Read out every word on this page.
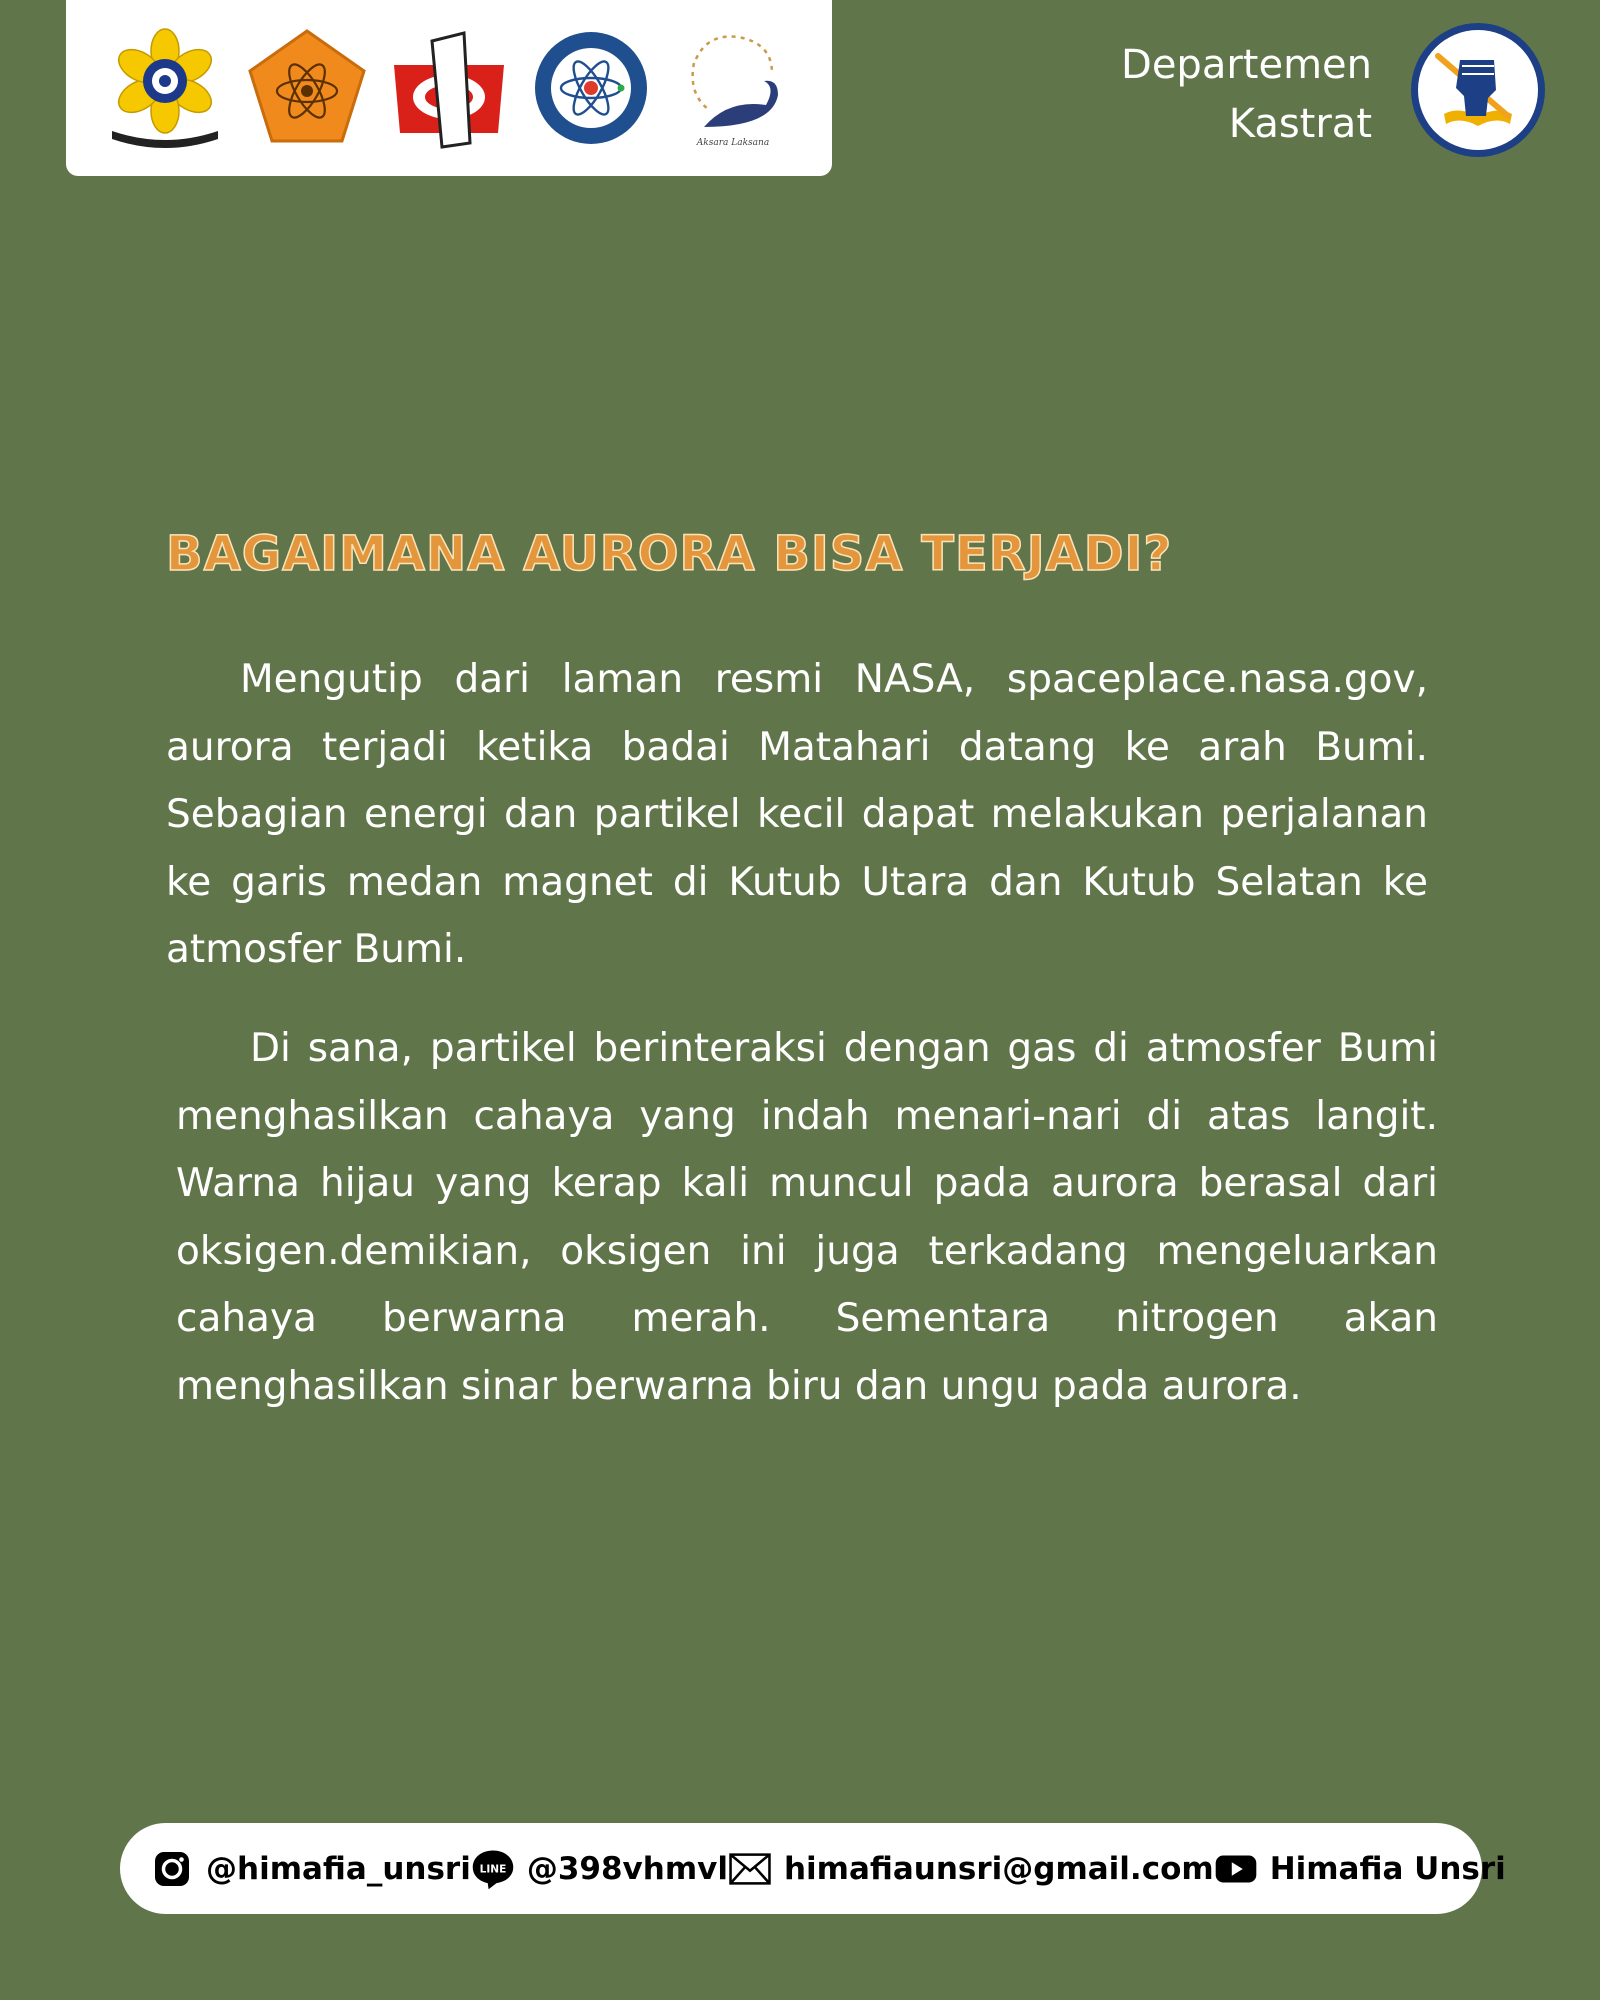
Aksara Laksana
Departemen
Kastrat
BAGAIMANA AURORA BISA TERJADI?

Mengutip dari laman resmi NASA, spaceplace.nasa.gov, aurora terjadi ketika badai Matahari datang ke arah Bumi. Sebagian energi dan partikel kecil dapat melakukan perjalanan ke garis medan magnet di Kutub Utara dan Kutub Selatan ke atmosfer Bumi.

Di sana, partikel berinteraksi dengan gas di atmosfer Bumi menghasilkan cahaya yang indah menari-nari di atas langit. Warna hijau yang kerap kali muncul pada aurora berasal dari oksigen.demikian, oksigen ini juga terkadang mengeluarkan cahaya berwarna merah. Sementara nitrogen akan menghasilkan sinar berwarna biru dan ungu pada aurora.

@himafia_unsri LINE @398vhmvl himafiaunsri@gmail.com Himafia Unsri
